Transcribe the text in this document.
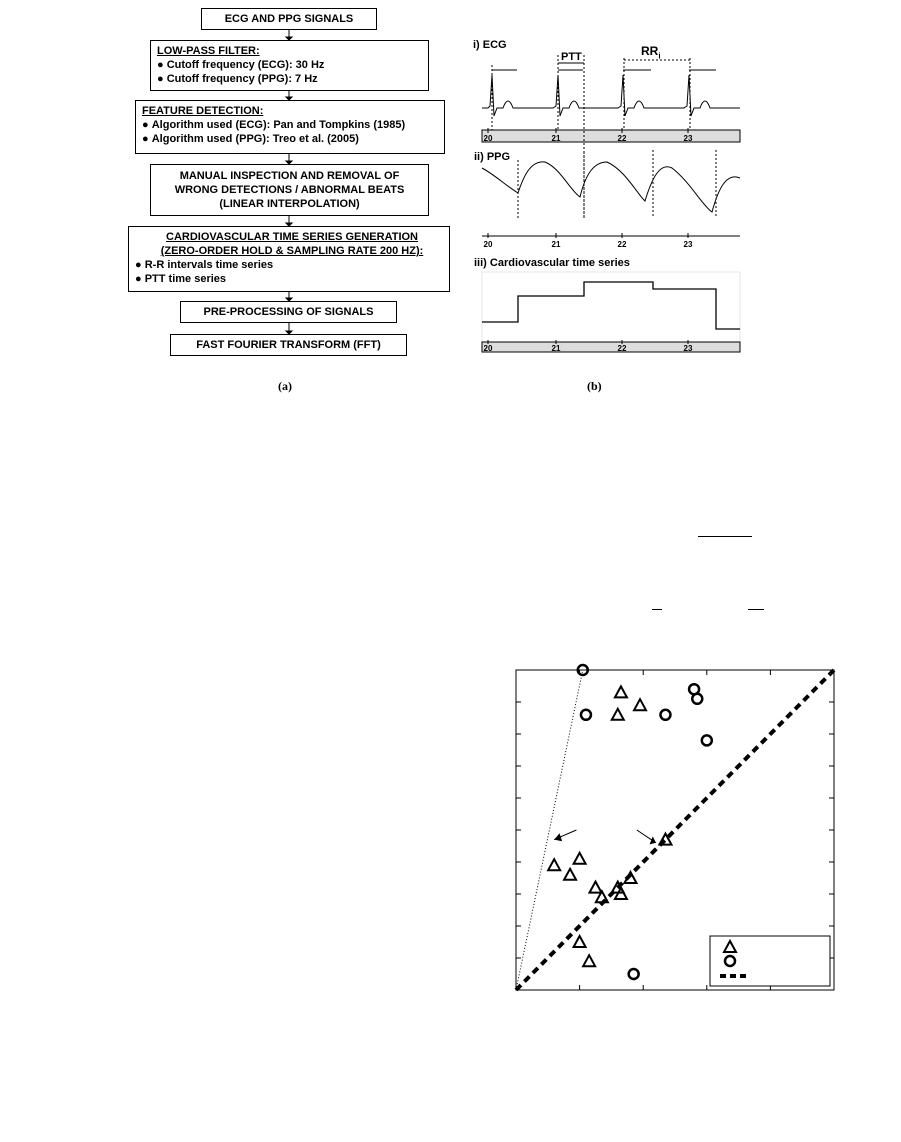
ECG AND PPG SIGNALS
LOW-PASS FILTER:
● Cutoff frequency (ECG): 30 Hz
● Cutoff frequency (PPG): 7 Hz
FEATURE DETECTION:
● Algorithm used (ECG): Pan and Tompkins (1985)
● Algorithm used (PPG): Treo et al. (2005)
MANUAL INSPECTION AND REMOVAL OF
WRONG DETECTIONS / ABNORMAL BEATS
(LINEAR INTERPOLATION)
CARDIOVASCULAR TIME SERIES GENERATION
(ZERO-ORDER HOLD & SAMPLING RATE 200 HZ):
● R-R intervals time series
● PTT time series
PRE-PROCESSING OF SIGNALS
FAST FOURIER TRANSFORM (FFT)
(a)
i) ECG
ii) PPG
iii) Cardiovascular time series
PTT	$RR_i$
20	21	22	23
20	21	22	23
20	21	22	23
(b)
